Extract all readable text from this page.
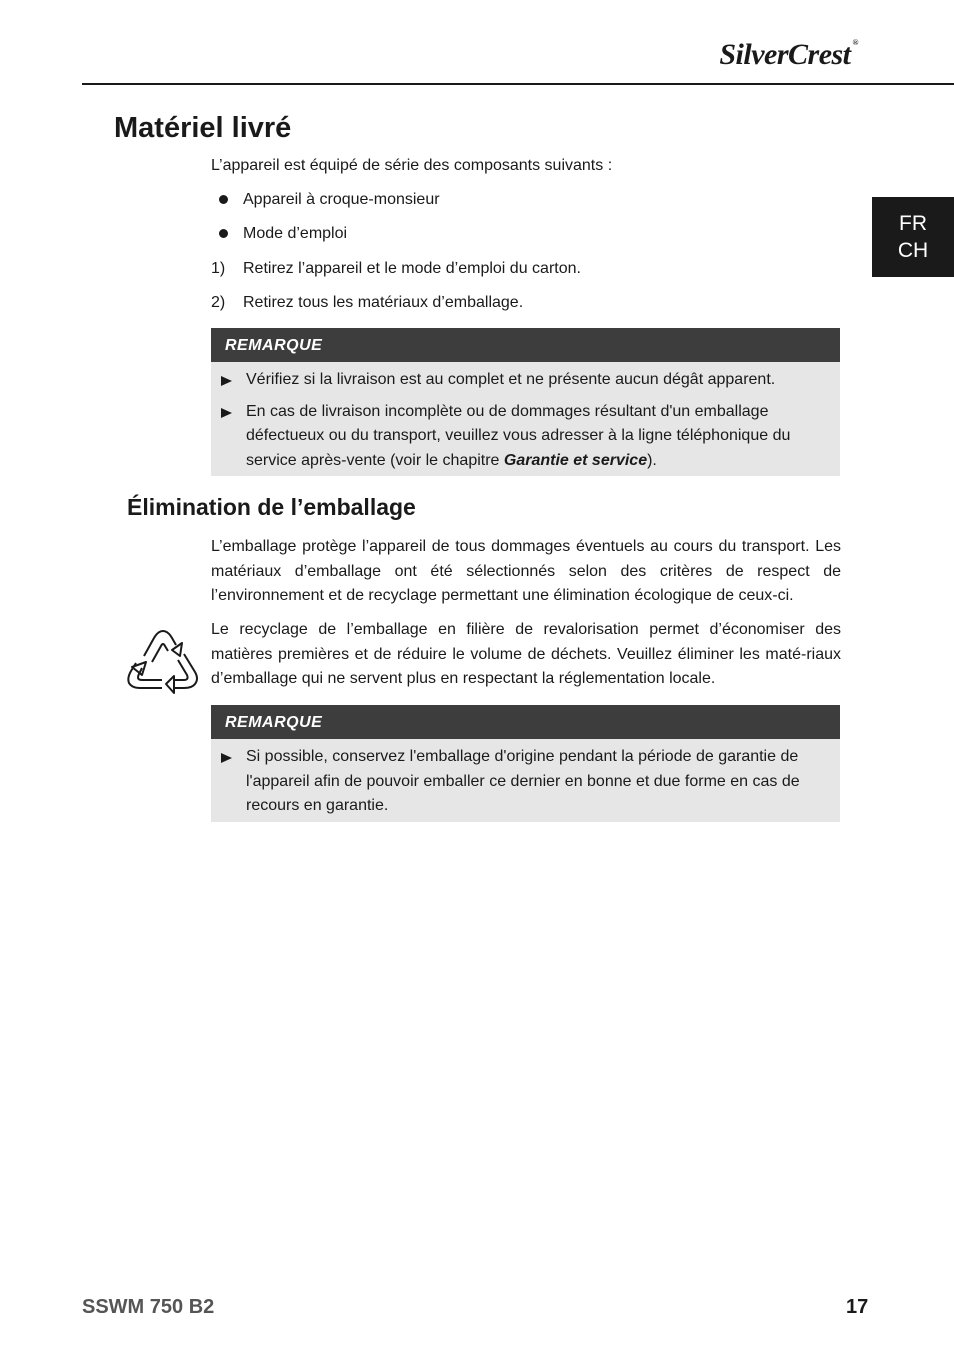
SilverCrest ®
FR
CH
Matériel livré
L’appareil est équipé de série des composants suivants :
Appareil à croque-monsieur
Mode d’emploi
1) Retirez l’appareil et le mode d’emploi du carton.
2) Retirez tous les matériaux d’emballage.
REMARQUE
Vérifiez si la livraison est au complet et ne présente aucun dégât apparent.
En cas de livraison incomplète ou de dommages résultant d'un emballage défectueux ou du transport, veuillez vous adresser à la ligne téléphonique du service après-vente (voir le chapitre Garantie et service).
Élimination de l’emballage
L’emballage protège l’appareil de tous dommages éventuels au cours du transport. Les matériaux d’emballage ont été sélectionnés selon des critères de respect de l’environnement et de recyclage permettant une élimination écologique de ceux-ci.
Le recyclage de l’emballage en filière de revalorisation permet d’économiser des matières premières et de réduire le volume de déchets. Veuillez éliminer les maté-riaux d’emballage qui ne servent plus en respectant la réglementation locale.
REMARQUE
Si possible, conservez l'emballage d'origine pendant la période de garantie de l'appareil afin de pouvoir emballer ce dernier en bonne et due forme en cas de recours en garantie.
SSWM 750 B2	17
